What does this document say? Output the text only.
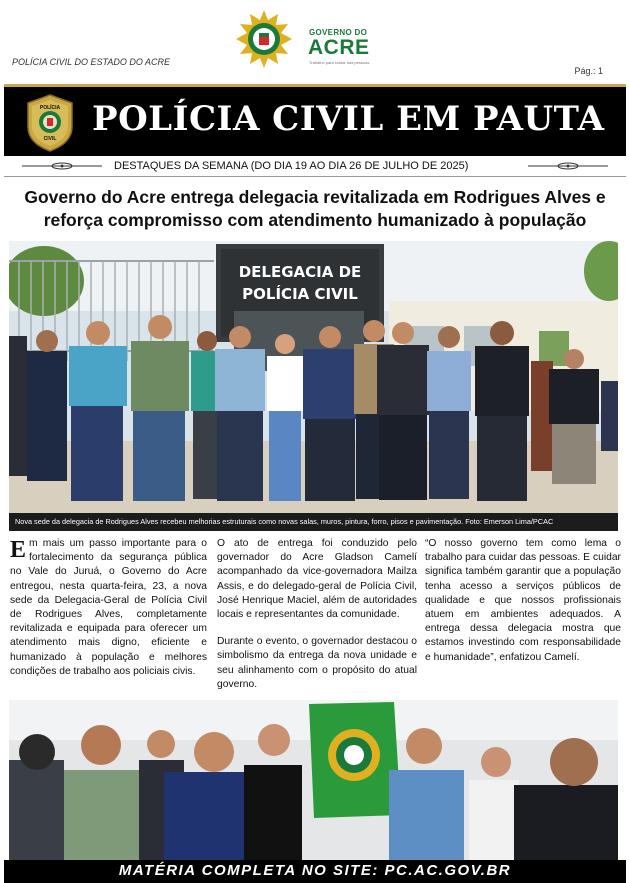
POLÍCIA CIVIL DO ESTADO DO ACRE
Pág.: 1
GOVERNO DO
ACRE
Trabalho para cuidar das pessoas
POLÍCIA
CIVIL POLÍCIA CIVIL EM PAUTA
DESTAQUES DA SEMANA (DO DIA 19 AO DIA 26 DE JULHO DE 2025)
Governo do Acre entrega delegacia revitalizada em Rodrigues Alves e reforça compromisso com atendimento humanizado à população
DELEGACIA DE
POLÍCIA CIVIL
Nova sede da delegacia de Rodrigues Alves recebeu melhorias estruturais como novas salas, muros, pintura, forro, pisos e pavimentação. Foto: Emerson Lima/PCAC

Em mais um passo importante para o fortalecimento da segurança pública no Vale do Juruá, o Governo do Acre entregou, nesta quarta-feira, 23, a nova sede da Delegacia-Geral de Polícia Civil de Rodrigues Alves, completamente revitalizada e equipada para oferecer um atendimento mais digno, eficiente e humanizado à população e melhores condições de trabalho aos policiais civis.

O ato de entrega foi conduzido pelo governador do Acre Gladson Camelí acompanhado da vice-governadora Mailza Assis, e do delegado-geral de Polícia Civil, José Henrique Maciel, além de autoridades locais e representantes da comunidade.

Durante o evento, o governador destacou o simbolismo da entrega da nova unidade e seu alinhamento com o propósito do atual governo.

“O nosso governo tem como lema o trabalho para cuidar das pessoas. E cuidar significa também garantir que a população tenha acesso a serviços públicos de qualidade e que nossos profissionais atuem em ambientes adequados. A entrega dessa delegacia mostra que estamos investindo com responsabilidade e humanidade”, enfatizou Camelí.

MATÉRIA COMPLETA NO SITE: PC.AC.GOV.BR
